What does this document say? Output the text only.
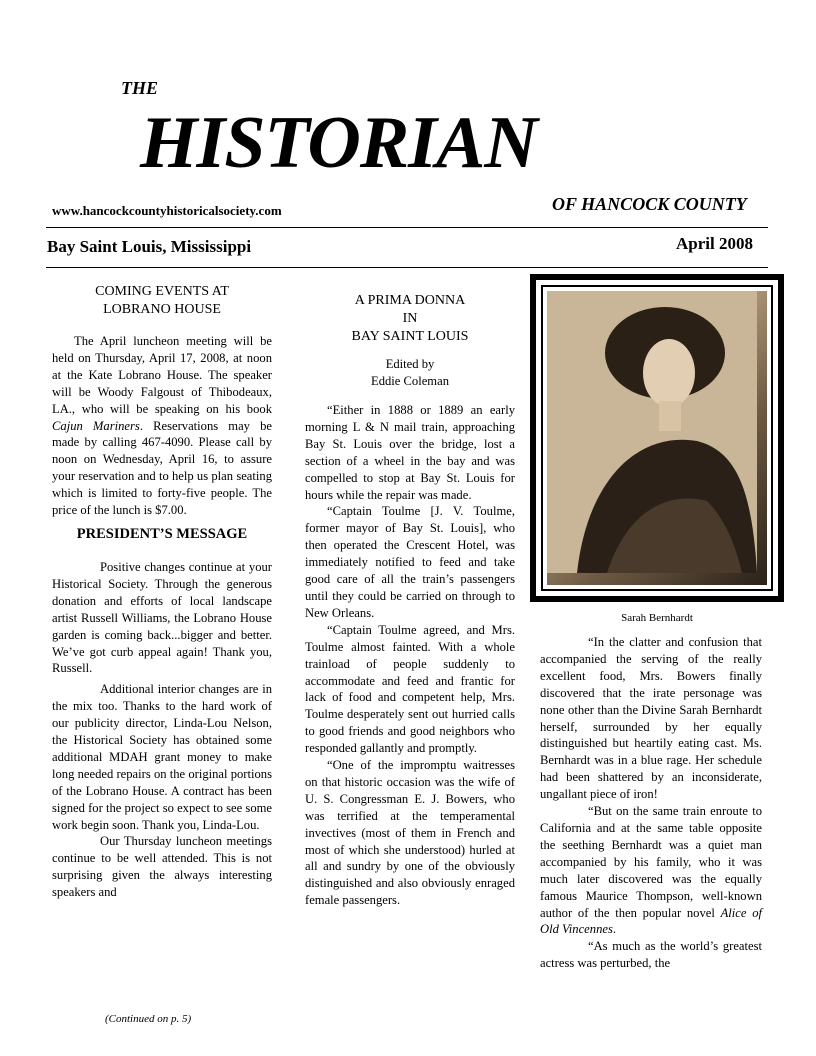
THE
HISTORIAN
www.hancockcountyhistoricalsociety.com	OF HANCOCK COUNTY
Bay Saint Louis, Mississippi	April 2008
COMING EVENTS AT
LOBRANO HOUSE

The April luncheon meeting will be held on Thursday, April 17, 2008, at noon at the Kate Lobrano House. The speaker will be Woody Falgoust of Thibodeaux, LA., who will be speaking on his book Cajun Mariners. Reservations may be made by calling 467-4090. Please call by noon on Wednesday, April 16, to assure your reservation and to help us plan seating which is limited to forty-five people. The price of the lunch is $7.00.

PRESIDENT’S MESSAGE

Positive changes continue at your Historical Society. Through the generous donation and efforts of local landscape artist Russell Williams, the Lobrano House garden is coming back...bigger and better. We’ve got curb appeal again! Thank you, Russell.

Additional interior changes are in the mix too. Thanks to the hard work of our publicity director, Linda-Lou Nelson, the Historical Society has obtained some additional MDAH grant money to make long needed repairs on the original portions of the Lobrano House. A contract has been signed for the project so expect to see some work begin soon. Thank you, Linda-Lou.

Our Thursday luncheon meetings continue to be well attended. This is not surprising given the always interesting speakers and

(Continued on p. 5)
A PRIMA DONNA
IN
BAY SAINT LOUIS
Edited by
Eddie Coleman

“Either in 1888 or 1889 an early morning L & N mail train, approaching Bay St. Louis over the bridge, lost a section of a wheel in the bay and was compelled to stop at Bay St. Louis for hours while the repair was made.

“Captain Toulme [J. V. Toulme, former mayor of Bay St. Louis], who then operated the Crescent Hotel, was immediately notified to feed and take good care of all the train’s passengers until they could be carried on through to New Orleans.

“Captain Toulme agreed, and Mrs. Toulme almost fainted. With a whole trainload of people suddenly to accommodate and feed and frantic for lack of food and competent help, Mrs. Toulme desperately sent out hurried calls to good friends and good neighbors who responded gallantly and promptly.

“One of the impromptu waitresses on that historic occasion was the wife of U. S. Congressman E. J. Bowers, who was terrified at the temperamental invectives (most of them in French and most of which she understood) hurled at all and sundry by one of the obviously distinguished and also obviously enraged female passengers.

Sarah Bernhardt

“In the clatter and confusion that accompanied the serving of the really excellent food, Mrs. Bowers finally discovered that the irate personage was none other than the Divine Sarah Bernhardt herself, surrounded by her equally distinguished but heartily eating cast. Ms. Bernhardt was in a blue rage. Her schedule had been shattered by an inconsiderate, ungallant piece of iron!

“But on the same train enroute to California and at the same table opposite the seething Bernhardt was a quiet man accompanied by his family, who it was much later discovered was the equally famous Maurice Thompson, well-known author of the then popular novel Alice of Old Vincennes.

“As much as the world’s greatest actress was perturbed, the
